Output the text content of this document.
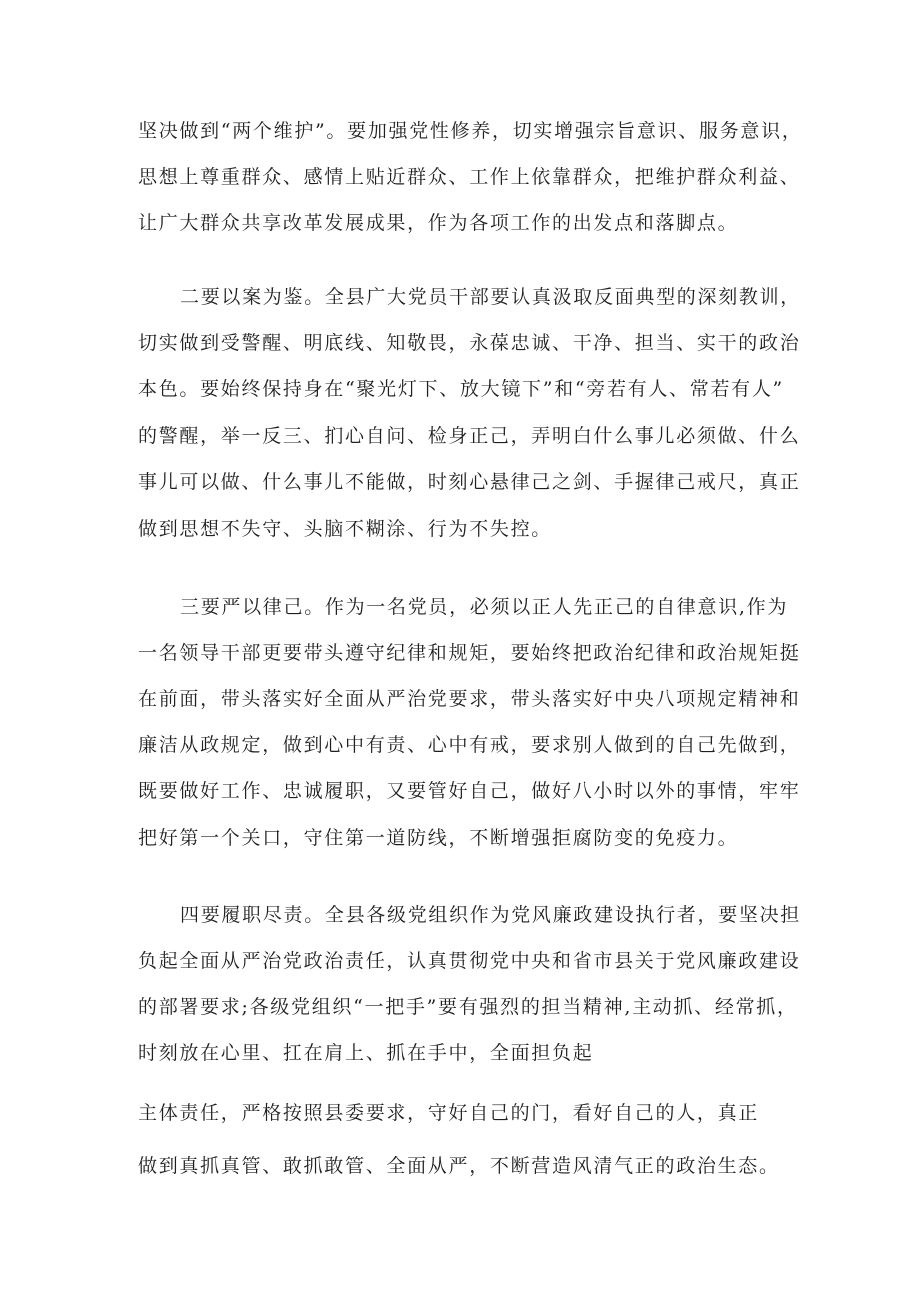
坚决做到“两个维护”。要加强党性修养，切实增强宗旨意识、服务意识，
思想上尊重群众、感情上贴近群众、工作上依靠群众，把维护群众利益、
让广大群众共享改革发展成果，作为各项工作的出发点和落脚点。
二要以案为鉴。全县广大党员干部要认真汲取反面典型的深刻教训，
切实做到受警醒、明底线、知敬畏，永葆忠诚、干净、担当、实干的政治
本色。要始终保持身在“聚光灯下、放大镜下”和“旁若有人、常若有人”
的警醒，举一反三、扪心自问、检身正己，弄明白什么事儿必须做、什么
事儿可以做、什么事儿不能做，时刻心悬律己之剑、手握律己戒尺，真正
做到思想不失守、头脑不糊涂、行为不失控。
三要严以律己。作为一名党员，必须以正人先正己的自律意识,作为
一名领导干部更要带头遵守纪律和规矩，要始终把政治纪律和政治规矩挺
在前面，带头落实好全面从严治党要求，带头落实好中央八项规定精神和
廉洁从政规定，做到心中有责、心中有戒，要求别人做到的自己先做到，
既要做好工作、忠诚履职，又要管好自己，做好八小时以外的事情，牢牢
把好第一个关口，守住第一道防线，不断增强拒腐防变的免疫力。
四要履职尽责。全县各级党组织作为党风廉政建设执行者，要坚决担
负起全面从严治党政治责任，认真贯彻党中央和省市县关于党风廉政建设
的部署要求;各级党组织“一把手”要有强烈的担当精神,主动抓、经常抓，
时刻放在心里、扛在肩上、抓在手中，全面担负起
主体责任，严格按照县委要求，守好自己的门，看好自己的人，真正
做到真抓真管、敢抓敢管、全面从严，不断营造风清气正的政治生态。
